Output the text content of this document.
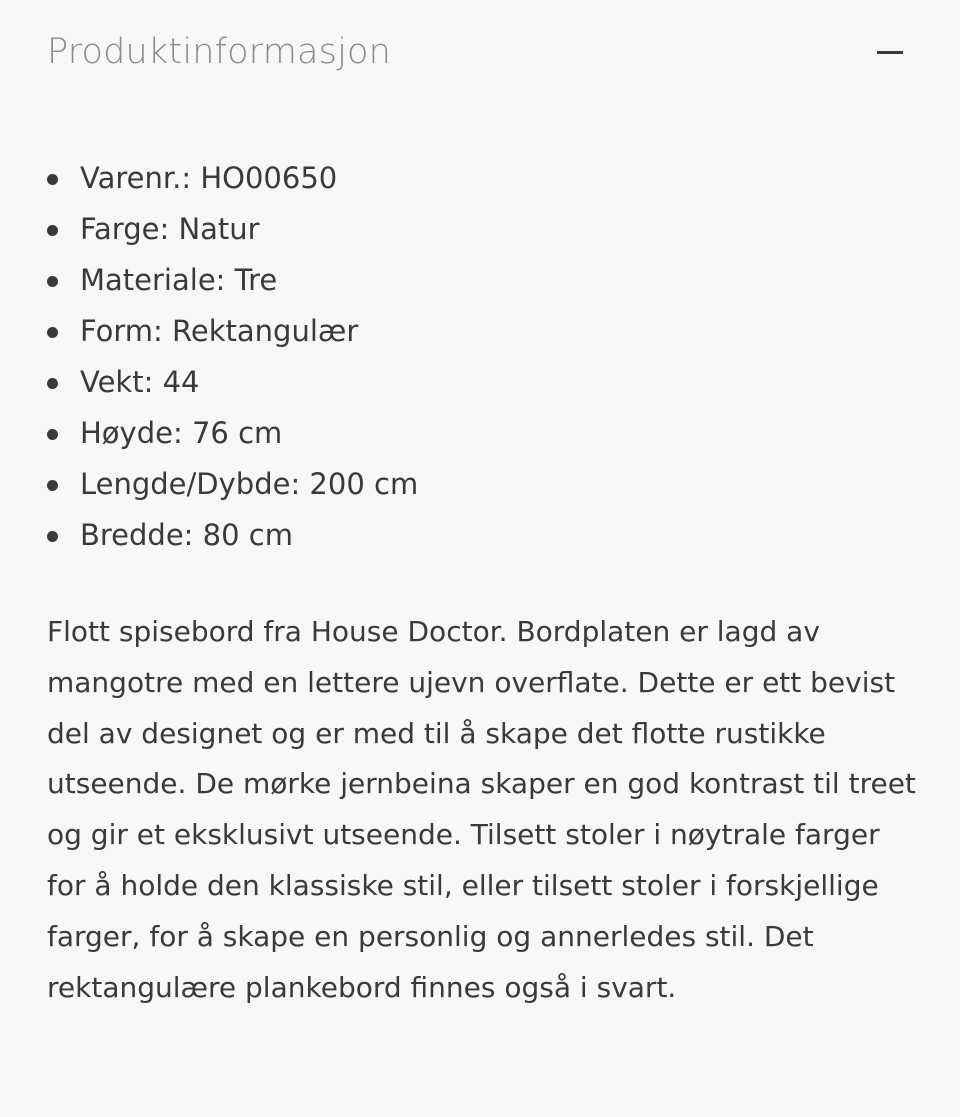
Produktinformasjon
Varenr.: HO00650
Farge: Natur
Materiale: Tre
Form: Rektangulær
Vekt: 44
Høyde: 76 cm
Lengde/Dybde: 200 cm
Bredde: 80 cm

Flott spisebord fra House Doctor. Bordplaten er lagd av mangotre med en lettere ujevn overflate. Dette er ett bevist del av designet og er med til å skape det flotte rustikke utseende. De mørke jernbeina skaper en god kontrast til treet og gir et eksklusivt utseende. Tilsett stoler i nøytrale farger for å holde den klassiske stil, eller tilsett stoler i forskjellige farger, for å skape en personlig og annerledes stil. Det rektangulære plankebord finnes også i svart.
